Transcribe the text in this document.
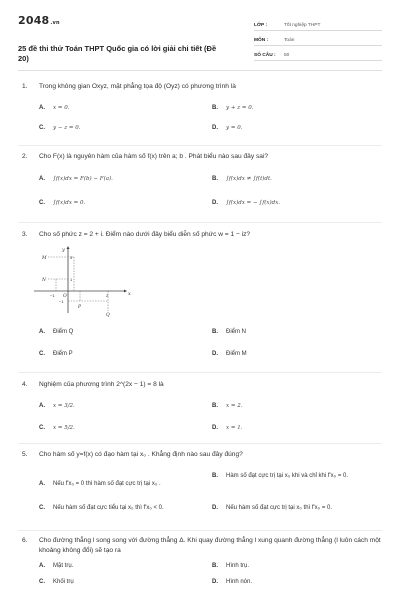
2048.vn
25 đề thi thử Toán THPT Quốc gia có lời giải chi tiết (Đề 20)
LỚP :	Tốt nghiệp THPT
MÔN :	Toán
SỐ CÂU :	50
1.	Trong không gian Oxyz, mặt phẳng tọa độ (Oyz) có phương trình là
A.	x = 0.	B.	y + z = 0.
C.	y − z = 0.	D.	y = 0.
2.	Cho F(x) là nguyên hàm của hàm số f(x) trên a; b . Phát biểu nào sau đây sai?
A.	∫f(x)dx = F(b) − F(a).	B.	∫f(x)dx ≠ ∫f(t)dt.
C.	∫f(x)dx = 0.	D.	∫f(x)dx = − ∫f(x)dx.
3.	Cho số phức z = 2 + i. Điểm nào dưới đây biểu diễn số phức w = 1 − iz?
y
x
O
M
N
P
Q
3
1
−1	2
−1
A.	Điểm Q	B.	Điểm N
C.	Điểm P	D.	Điểm M
4.	Nghiệm của phương trình 2^(2x − 1) = 8 là
A.	x = 3/2.	B.	x = 2.
C.	x = 5/2.	D.	x = 1.
5.	Cho hàm số y=f(x) có đạo hàm tại x₀ . Khẳng định nào sau đây đúng?
A.	Nếu f′x₀ = 0 thì hàm số đạt cực trị tại x₀ .
B.	Hàm số đạt cực trị tại x₀ khi và chỉ khi f′x₀ = 0.
C.	Nếu hàm số đạt cực tiểu tại x₀ thì f′x₀ < 0.	D.	Nếu hàm số đạt cực trị tại x₀ thì f′x₀ = 0.
6.	Cho đường thẳng l song song với đường thẳng Δ. Khi quay đường thẳng l xung quanh đường thẳng (l luôn cách một khoảng không đổi) sẽ tạo ra
A.	Mặt trụ.	B.	Hình trụ.
C.	Khối trụ	D.	Hình nón.
